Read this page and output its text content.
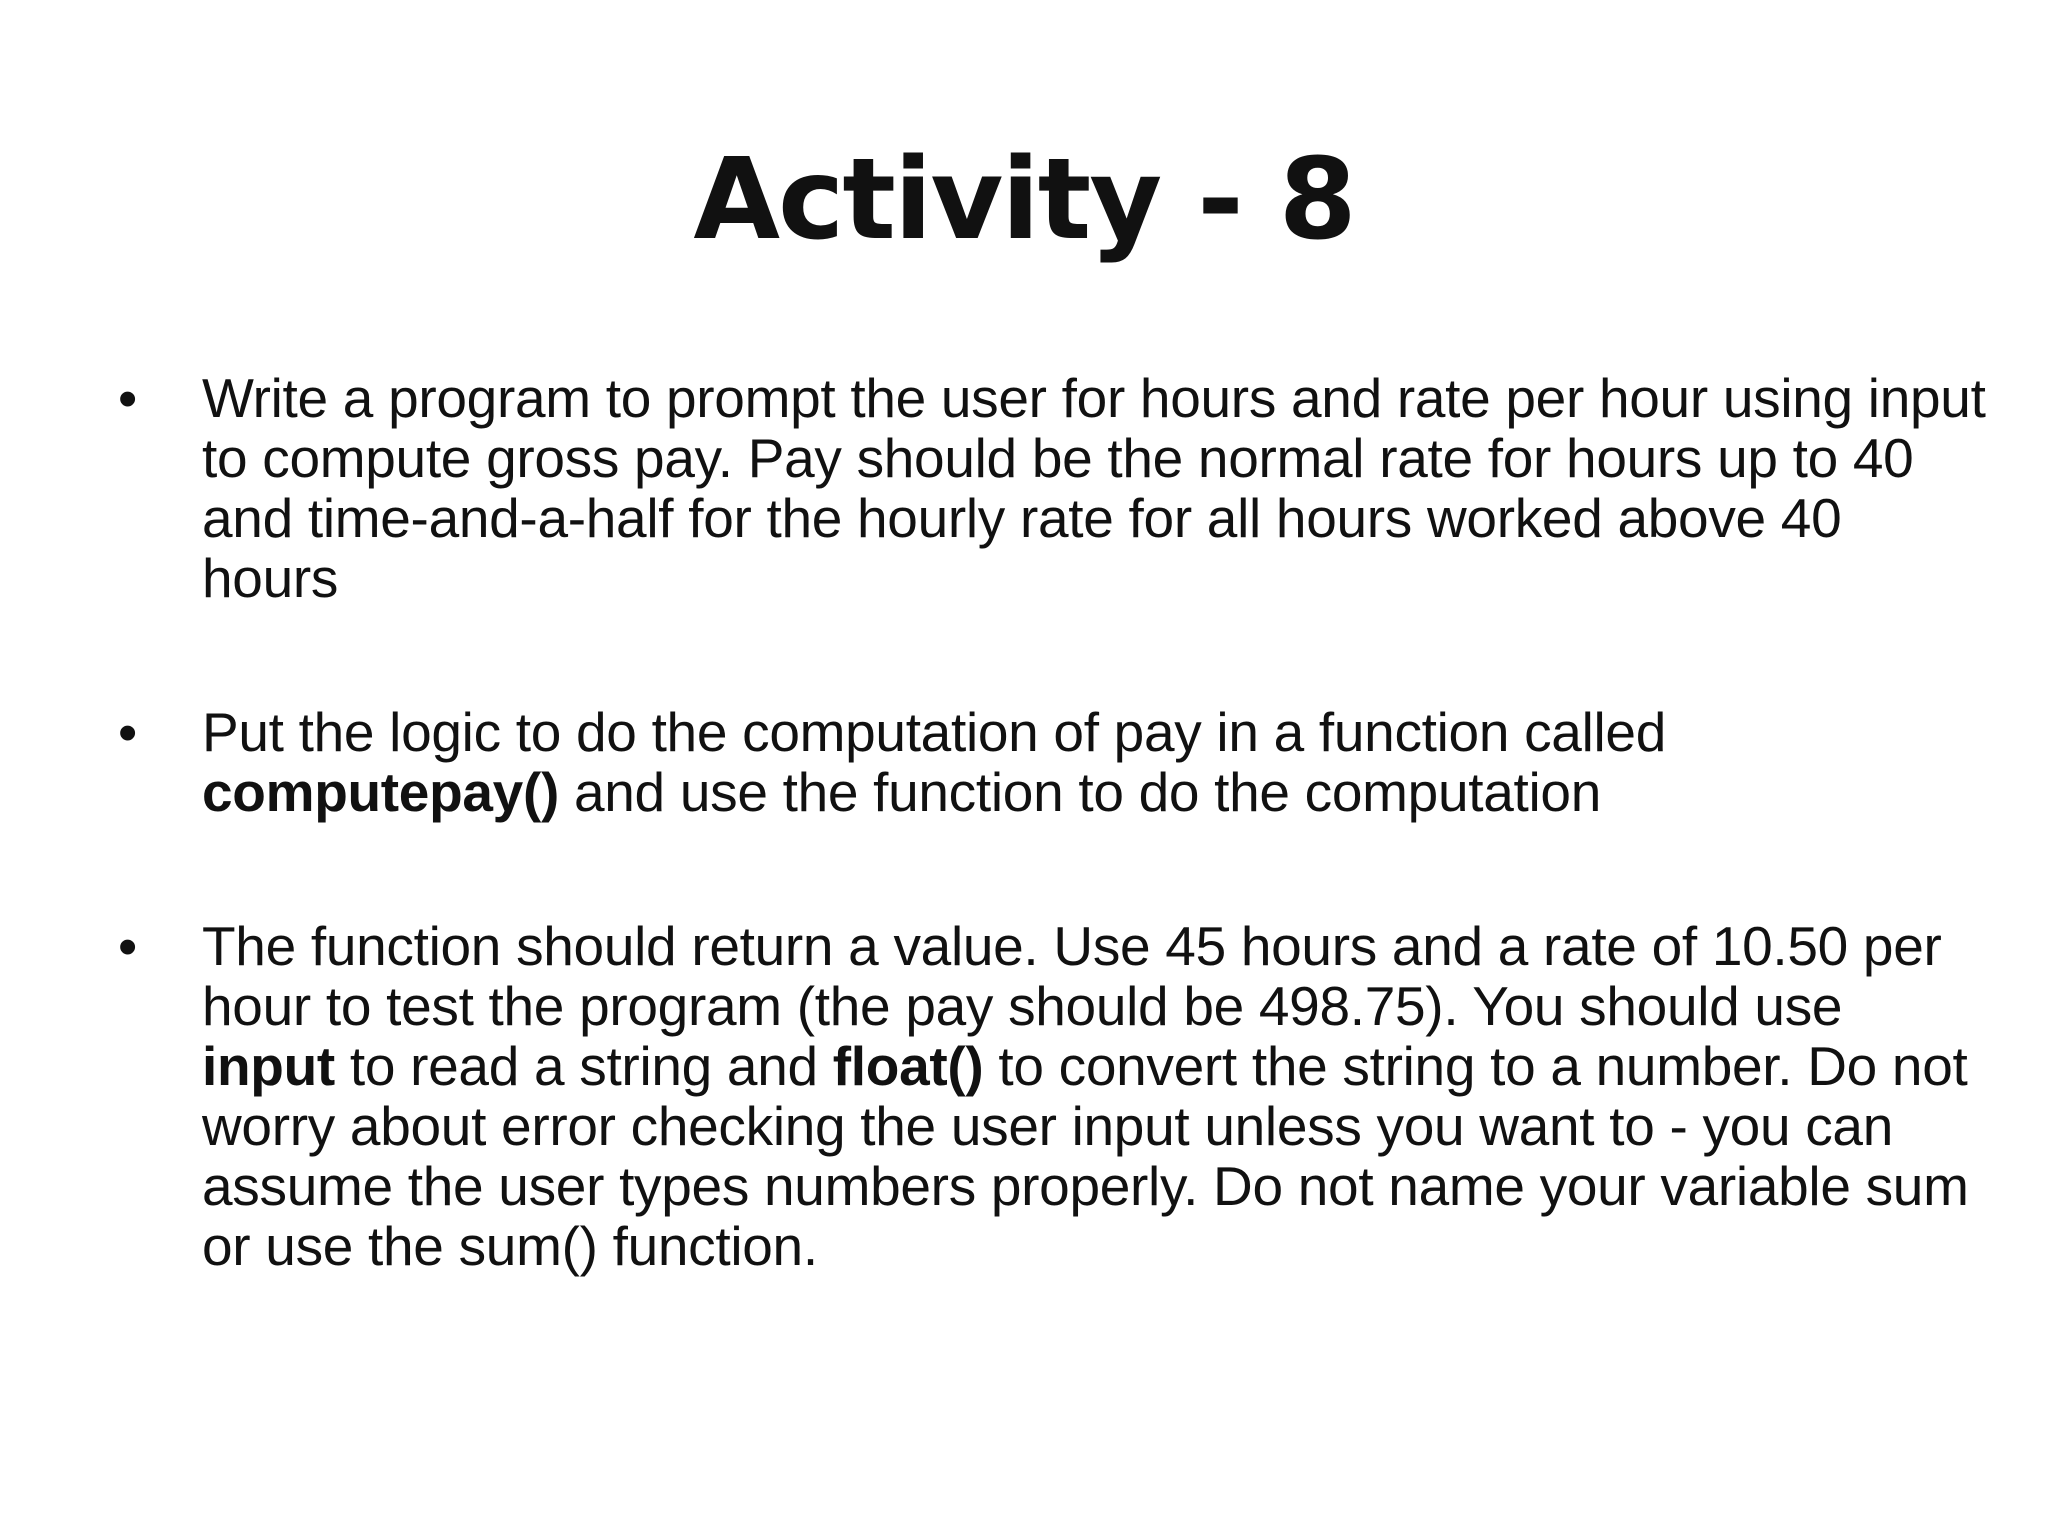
Activity - 8
•	Write a program to prompt the user for hours and rate per hour using input to compute gross pay. Pay should be the normal rate for hours up to 40 and time-and-a-half for the hourly rate for all hours worked above 40 hours
•	Put the logic to do the computation of pay in a function called computepay() and use the function to do the computation
•	The function should return a value. Use 45 hours and a rate of 10.50 per hour to test the program (the pay should be 498.75). You should use input to read a string and float() to convert the string to a number. Do not worry about error checking the user input unless you want to - you can assume the user types numbers properly. Do not name your variable sum or use the sum() function.
